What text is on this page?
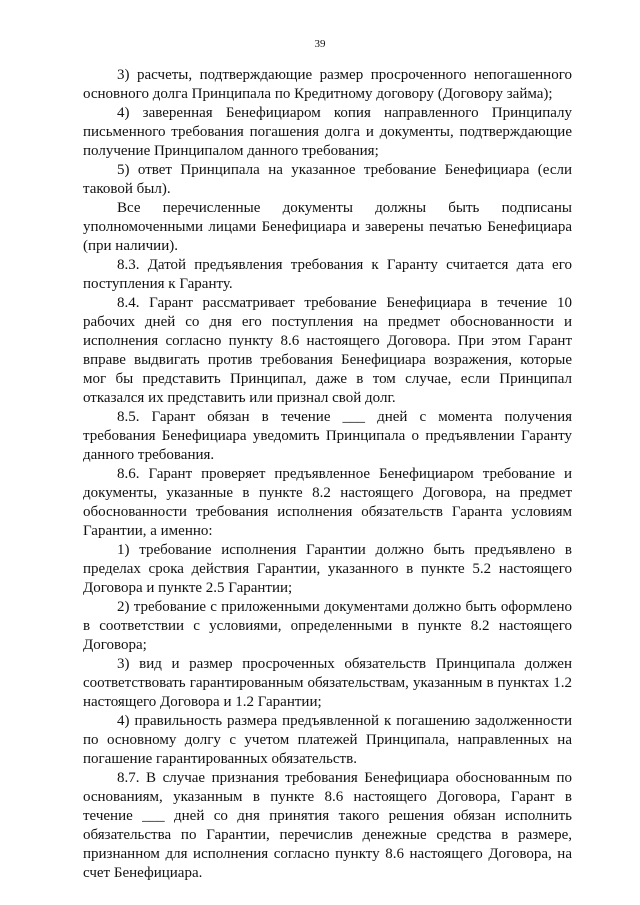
39

3) расчеты, подтверждающие размер просроченного непогашенного основного долга Принципала по Кредитному договору (Договору займа);

4) заверенная Бенефициаром копия направленного Принципалу письменного требования погашения долга и документы, подтверждающие получение Принципалом данного требования;

5) ответ Принципала на указанное требование Бенефициара (если таковой был).

Все перечисленные документы должны быть подписаны уполномоченными лицами Бенефициара и заверены печатью Бенефициара (при наличии).

8.3. Датой предъявления требования к Гаранту считается дата его поступления к Гаранту.

8.4. Гарант рассматривает требование Бенефициара в течение 10 рабочих дней со дня его поступления на предмет обоснованности и исполнения согласно пункту 8.6 настоящего Договора. При этом Гарант вправе выдвигать против требования Бенефициара возражения, которые мог бы представить Принципал, даже в том случае, если Принципал отказался их представить или признал свой долг.

8.5. Гарант обязан в течение ___ дней с момента получения требования Бенефициара уведомить Принципала о предъявлении Гаранту данного требования.

8.6. Гарант проверяет предъявленное Бенефициаром требование и документы, указанные в пункте 8.2 настоящего Договора, на предмет обоснованности требования исполнения обязательств Гаранта условиям Гарантии, а именно:

1) требование исполнения Гарантии должно быть предъявлено в пределах срока действия Гарантии, указанного в пункте 5.2 настоящего Договора и пункте 2.5 Гарантии;

2) требование с приложенными документами должно быть оформлено в соответствии с условиями, определенными в пункте 8.2 настоящего Договора;

3) вид и размер просроченных обязательств Принципала должен соответствовать гарантированным обязательствам, указанным в пунктах 1.2 настоящего Договора и 1.2 Гарантии;

4) правильность размера предъявленной к погашению задолженности по основному долгу с учетом платежей Принципала, направленных на погашение гарантированных обязательств.

8.7. В случае признания требования Бенефициара обоснованным по основаниям, указанным в пункте 8.6 настоящего Договора, Гарант в течение ___ дней со дня принятия такого решения обязан исполнить обязательства по Гарантии, перечислив денежные средства в размере, признанном для исполнения согласно пункту 8.6 настоящего Договора, на счет Бенефициара.
